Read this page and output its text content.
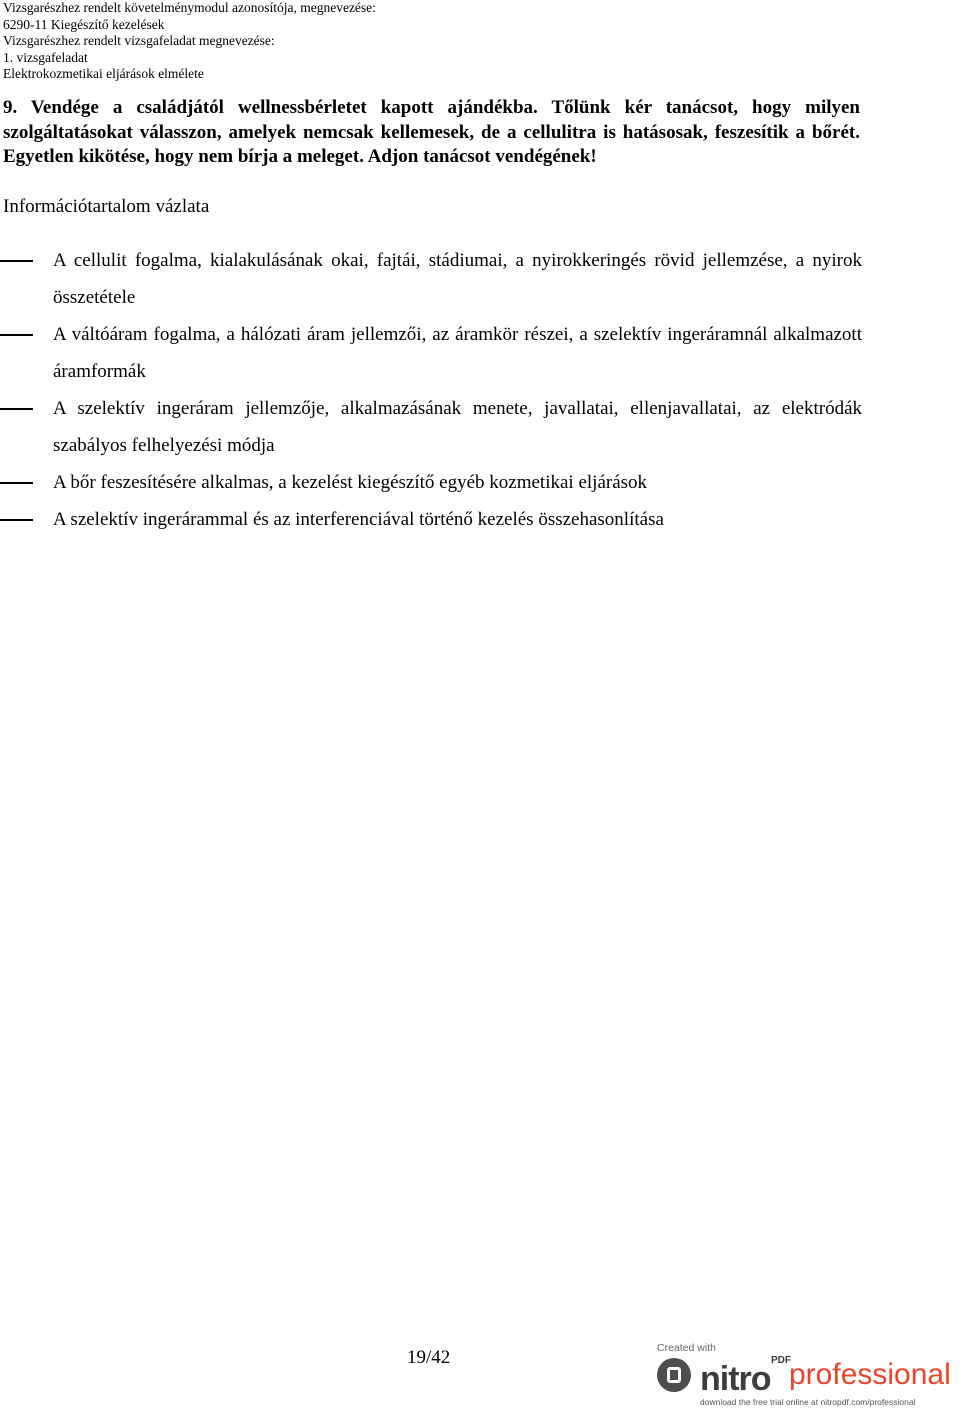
Vizsgarészhez rendelt követelménymodul azonosítója, megnevezése:
6290-11 Kiegészítő kezelések
Vizsgarészhez rendelt vizsgafeladat megnevezése:
1. vizsgafeladat
Elektrokozmetikai eljárások elmélete
9. Vendége a családjától wellnessbérletet kapott ajándékba. Tőlünk kér tanácsot, hogy milyen szolgáltatásokat válasszon, amelyek nemcsak kellemesek, de a cellulitra is hatásosak, feszesítik a bőrét. Egyetlen kikötése, hogy nem bírja a meleget. Adjon tanácsot vendégének!
Információtartalom vázlata
A cellulit fogalma, kialakulásának okai, fajtái, stádiumai, a nyirokkeringés rövid jellemzése, a nyirok összetétele
A váltóáram fogalma, a hálózati áram jellemzői, az áramkör részei, a szelektív ingeráramnál alkalmazott áramformák
A szelektív ingeráram jellemzője, alkalmazásának menete, javallatai, ellenjavallatai, az elektródák szabályos felhelyezési módja
A bőr feszesítésére alkalmas, a kezelést kiegészítő egyéb kozmetikai eljárások
A szelektív ingerárammal és az interferenciával történő kezelés összehasonlítása
19/42	Created with
nitro PDF
professional
download the free trial online at nitropdf.com/professional
